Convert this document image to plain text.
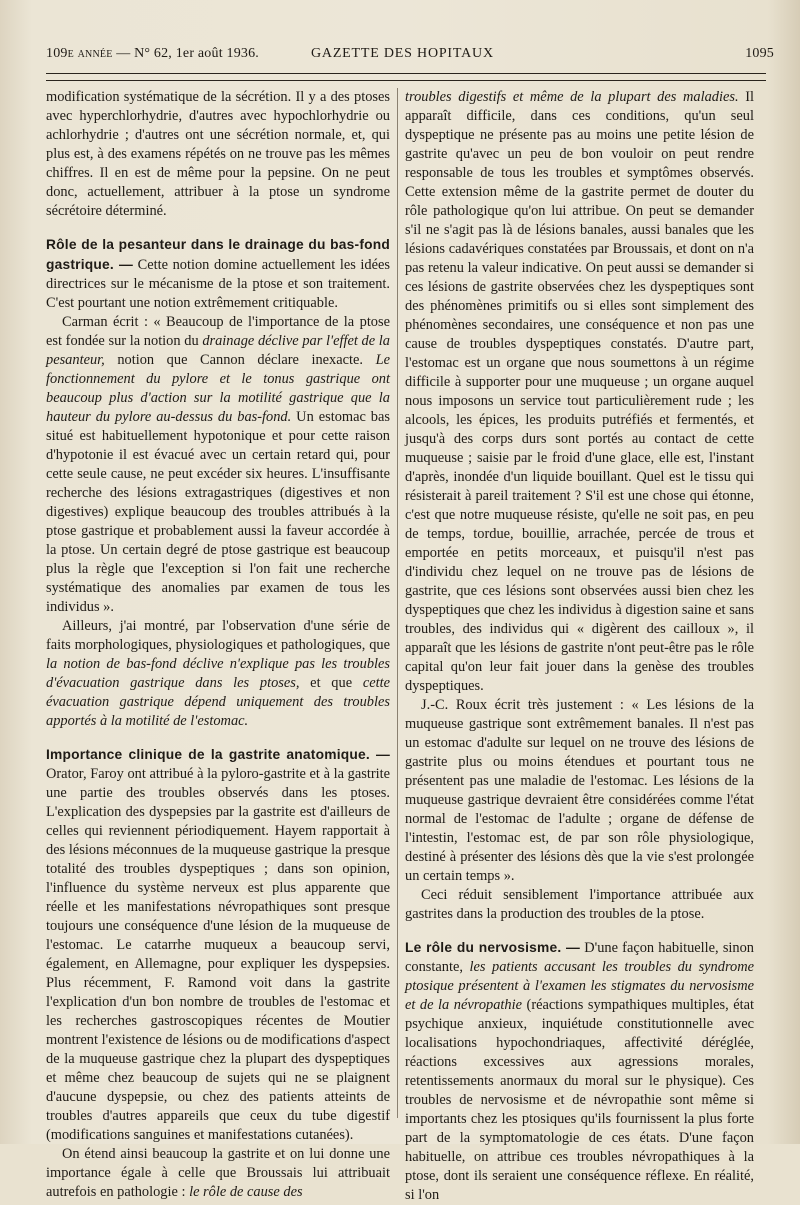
109e année — N° 62, 1er août 1936.	GAZETTE DES HOPITAUX	1095

modification systématique de la sécrétion. Il y a des ptoses avec hyperchlorhydrie, d'autres avec hypochlorhydrie ou achlorhydrie ; d'autres ont une sécrétion normale, et, qui plus est, à des examens répétés on ne trouve pas les mêmes chiffres. Il en est de même pour la pepsine. On ne peut donc, actuellement, attribuer à la ptose un syndrome sécrétoire déterminé.

Rôle de la pesanteur dans le drainage du bas-fond gastrique. — Cette notion domine actuellement les idées directrices sur le mécanisme de la ptose et son traitement. C'est pourtant une notion extrêmement critiquable.

Carman écrit : « Beaucoup de l'importance de la ptose est fondée sur la notion du drainage déclive par l'effet de la pesanteur, notion que Cannon déclare inexacte. Le fonctionnement du pylore et le tonus gastrique ont beaucoup plus d'action sur la motilité gastrique que la hauteur du pylore au-dessus du bas-fond. Un estomac bas situé est habituellement hypotonique et pour cette raison d'hypotonie il est évacué avec un certain retard qui, pour cette seule cause, ne peut excéder six heures. L'insuffisante recherche des lésions extragastriques (digestives et non digestives) explique beaucoup des troubles attribués à la ptose gastrique et probablement aussi la faveur accordée à la ptose. Un certain degré de ptose gastrique est beaucoup plus la règle que l'exception si l'on fait une recherche systématique des anomalies par examen de tous les individus ».

Ailleurs, j'ai montré, par l'observation d'une série de faits morphologiques, physiologiques et pathologiques, que la notion de bas-fond déclive n'explique pas les troubles d'évacuation gastrique dans les ptoses, et que cette évacuation gastrique dépend uniquement des troubles apportés à la motilité de l'estomac.

Importance clinique de la gastrite anatomique. — Orator, Faroy ont attribué à la pyloro-gastrite et à la gastrite une partie des troubles observés dans les ptoses. L'explication des dyspepsies par la gastrite est d'ailleurs de celles qui reviennent périodiquement. Hayem rapportait à des lésions méconnues de la muqueuse gastrique la presque totalité des troubles dyspeptiques ; dans son opinion, l'influence du système nerveux est plus apparente que réelle et les manifestations névropathiques sont presque toujours une conséquence d'une lésion de la muqueuse de l'estomac. Le catarrhe muqueux a beaucoup servi, également, en Allemagne, pour expliquer les dyspepsies. Plus récemment, F. Ramond voit dans la gastrite l'explication d'un bon nombre de troubles de l'estomac et les recherches gastroscopiques récentes de Moutier montrent l'existence de lésions ou de modifications d'aspect de la muqueuse gastrique chez la plupart des dyspeptiques et même chez beaucoup de sujets qui ne se plaignent d'aucune dyspepsie, ou chez des patients atteints de troubles d'autres appareils que ceux du tube digestif (modifications sanguines et manifestations cutanées).

On étend ainsi beaucoup la gastrite et on lui donne une importance égale à celle que Broussais lui attribuait autrefois en pathologie : le rôle de cause des

troubles digestifs et même de la plupart des maladies. Il apparaît difficile, dans ces conditions, qu'un seul dyspeptique ne présente pas au moins une petite lésion de gastrite qu'avec un peu de bon vouloir on peut rendre responsable de tous les troubles et symptômes observés. Cette extension même de la gastrite permet de douter du rôle pathologique qu'on lui attribue. On peut se demander s'il ne s'agit pas là de lésions banales, aussi banales que les lésions cadavériques constatées par Broussais, et dont on n'a pas retenu la valeur indicative. On peut aussi se demander si ces lésions de gastrite observées chez les dyspeptiques sont des phénomènes primitifs ou si elles sont simplement des phénomènes secondaires, une conséquence et non pas une cause de troubles dyspeptiques constatés. D'autre part, l'estomac est un organe que nous soumettons à un régime difficile à supporter pour une muqueuse ; un organe auquel nous imposons un service tout particulièrement rude ; les alcools, les épices, les produits putréfiés et fermentés, et jusqu'à des corps durs sont portés au contact de cette muqueuse ; saisie par le froid d'une glace, elle est, l'instant d'après, inondée d'un liquide bouillant. Quel est le tissu qui résisterait à pareil traitement ? S'il est une chose qui étonne, c'est que notre muqueuse résiste, qu'elle ne soit pas, en peu de temps, tordue, bouillie, arrachée, percée de trous et emportée en petits morceaux, et puisqu'il n'est pas d'individu chez lequel on ne trouve pas de lésions de gastrite, que ces lésions sont observées aussi bien chez les dyspeptiques que chez les individus à digestion saine et sans troubles, des individus qui « digèrent des cailloux », il apparaît que les lésions de gastrite n'ont peut-être pas le rôle capital qu'on leur fait jouer dans la genèse des troubles dyspeptiques.

J.-C. Roux écrit très justement : « Les lésions de la muqueuse gastrique sont extrêmement banales. Il n'est pas un estomac d'adulte sur lequel on ne trouve des lésions de gastrite plus ou moins étendues et pourtant tous ne présentent pas une maladie de l'estomac. Les lésions de la muqueuse gastrique devraient être considérées comme l'état normal de l'estomac de l'adulte ; organe de défense de l'intestin, l'estomac est, de par son rôle physiologique, destiné à présenter des lésions dès que la vie s'est prolongée un certain temps ».

Ceci réduit sensiblement l'importance attribuée aux gastrites dans la production des troubles de la ptose.

Le rôle du nervosisme. — D'une façon habituelle, sinon constante, les patients accusant les troubles du syndrome ptosique présentent à l'examen les stigmates du nervosisme et de la névropathie (réactions sympathiques multiples, état psychique anxieux, inquiétude constitutionnelle avec localisations hypochondriaques, affectivité déréglée, réactions excessives aux agressions morales, retentissements anormaux du moral sur le physique). Ces troubles de nervosisme et de névropathie sont même si importants chez les ptosiques qu'ils fournissent la plus forte part de la symptomatologie de ces états. D'une façon habituelle, on attribue ces troubles névropathiques à la ptose, dont ils seraient une conséquence réflexe. En réalité, si l'on
